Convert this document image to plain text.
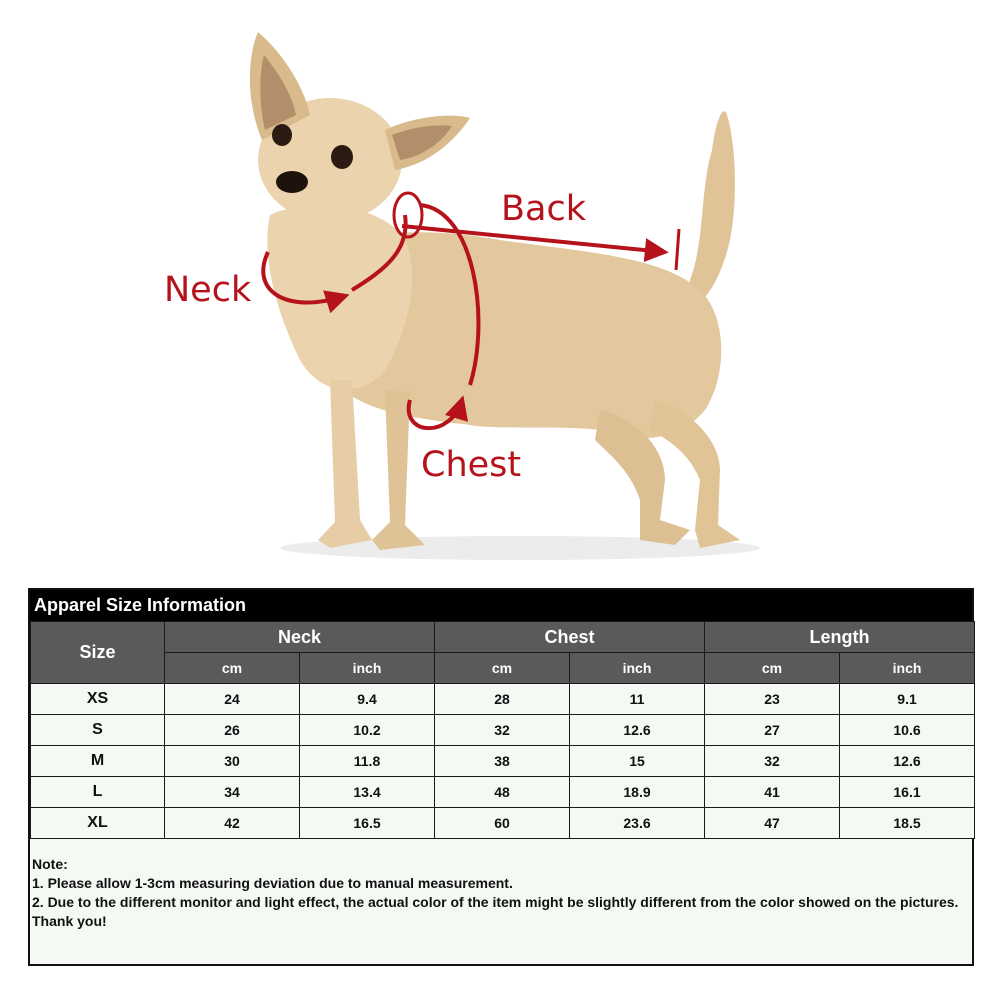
Neck
Back
Chest
Apparel Size Information
Size	Neck		Chest		Length	
	cm	inch	cm	inch	cm	inch
XS	24	9.4	28	11	23	9.1
S	26	10.2	32	12.6	27	10.6
M	30	11.8	38	15	32	12.6
L	34	13.4	48	18.9	41	16.1
XL	42	16.5	60	23.6	47	18.5

Note:

1. Please allow 1-3cm measuring deviation due to manual measurement.

2. Due to the different monitor and light effect, the actual color of the item might be slightly different from the color showed on the pictures. Thank you!
